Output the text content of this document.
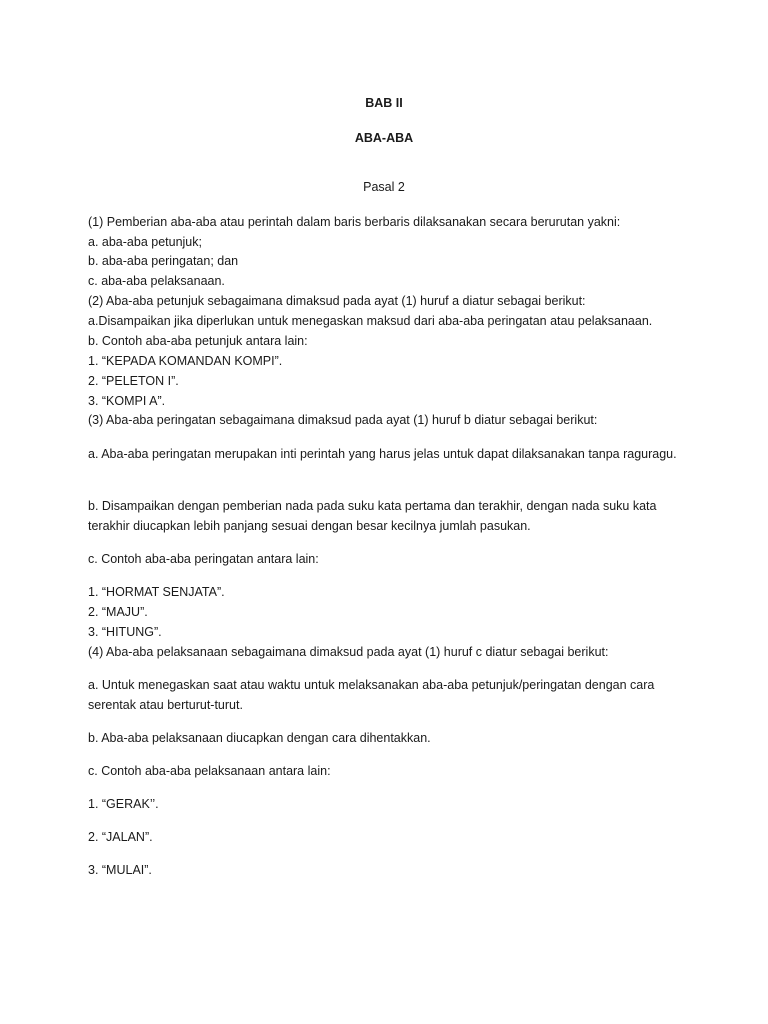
BAB II
ABA-ABA
Pasal 2
(1) Pemberian aba-aba atau perintah dalam baris berbaris dilaksanakan secara berurutan yakni:
a. aba-aba petunjuk;
b. aba-aba peringatan; dan
c. aba-aba pelaksanaan.
(2) Aba-aba petunjuk sebagaimana dimaksud pada ayat (1) huruf a diatur sebagai berikut:
a.Disampaikan jika diperlukan untuk menegaskan maksud dari aba-aba peringatan atau pelaksanaan.
b. Contoh aba-aba petunjuk antara lain:
1. “KEPADA KOMANDAN KOMPI”.
2. “PELETON I”.
3. “KOMPI A”.
(3) Aba-aba peringatan sebagaimana dimaksud pada ayat (1) huruf b diatur sebagai berikut:
a. Aba-aba peringatan merupakan inti perintah yang harus jelas untuk dapat dilaksanakan tanpa raguragu.
b. Disampaikan dengan pemberian nada pada suku kata pertama dan terakhir, dengan nada suku kata terakhir diucapkan lebih panjang sesuai dengan besar kecilnya jumlah pasukan.
c. Contoh aba-aba peringatan antara lain:
1. “HORMAT SENJATA”.
2. “MAJU”.
3. “HITUNG”.
(4) Aba-aba pelaksanaan sebagaimana dimaksud pada ayat (1) huruf c diatur sebagai berikut:
a. Untuk menegaskan saat atau waktu untuk melaksanakan aba-aba petunjuk/peringatan dengan cara serentak atau berturut-turut.
b. Aba-aba pelaksanaan diucapkan dengan cara dihentakkan.
c. Contoh aba-aba pelaksanaan antara lain:
1. “GERAK’’.
2. “JALAN”.
3. “MULAI”.
